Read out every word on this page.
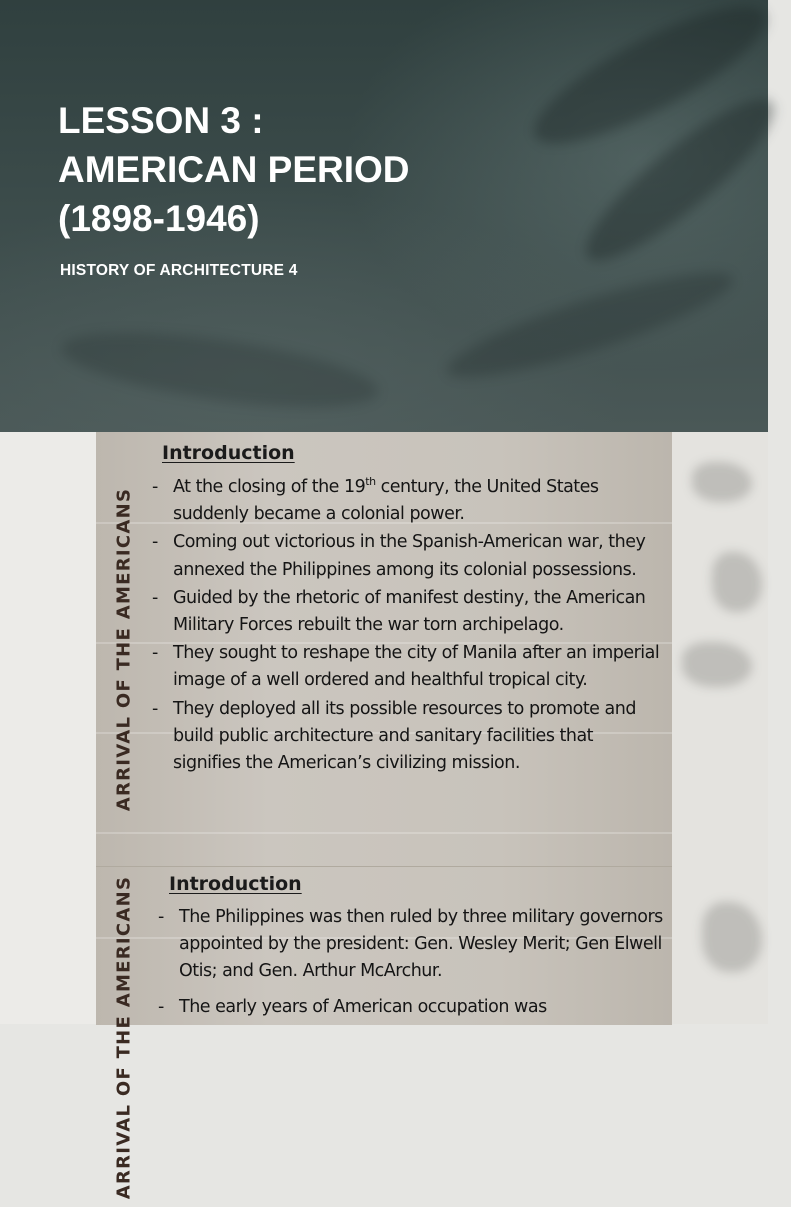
LESSON 3 :
AMERICAN PERIOD
(1898-1946)

HISTORY OF ARCHITECTURE 4

ARRIVAL OF THE AMERICANS
Introduction
- At the closing of the 19th century, the United States suddenly became a colonial power.
- Coming out victorious in the Spanish-American war, they annexed the Philippines among its colonial possessions.
- Guided by the rhetoric of manifest destiny, the American Military Forces rebuilt the war torn archipelago.
- They sought to reshape the city of Manila after an imperial image of a well ordered and healthful tropical city.
- They deployed all its possible resources to promote and build public architecture and sanitary facilities that signifies the American’s civilizing mission.
ARRIVAL OF THE AMERICANS Introduction
- The Philippines was then ruled by three military governors appointed by the president: Gen. Wesley Merit; Gen Elwell Otis; and Gen. Arthur McArchur.
- The early years of American occupation was
